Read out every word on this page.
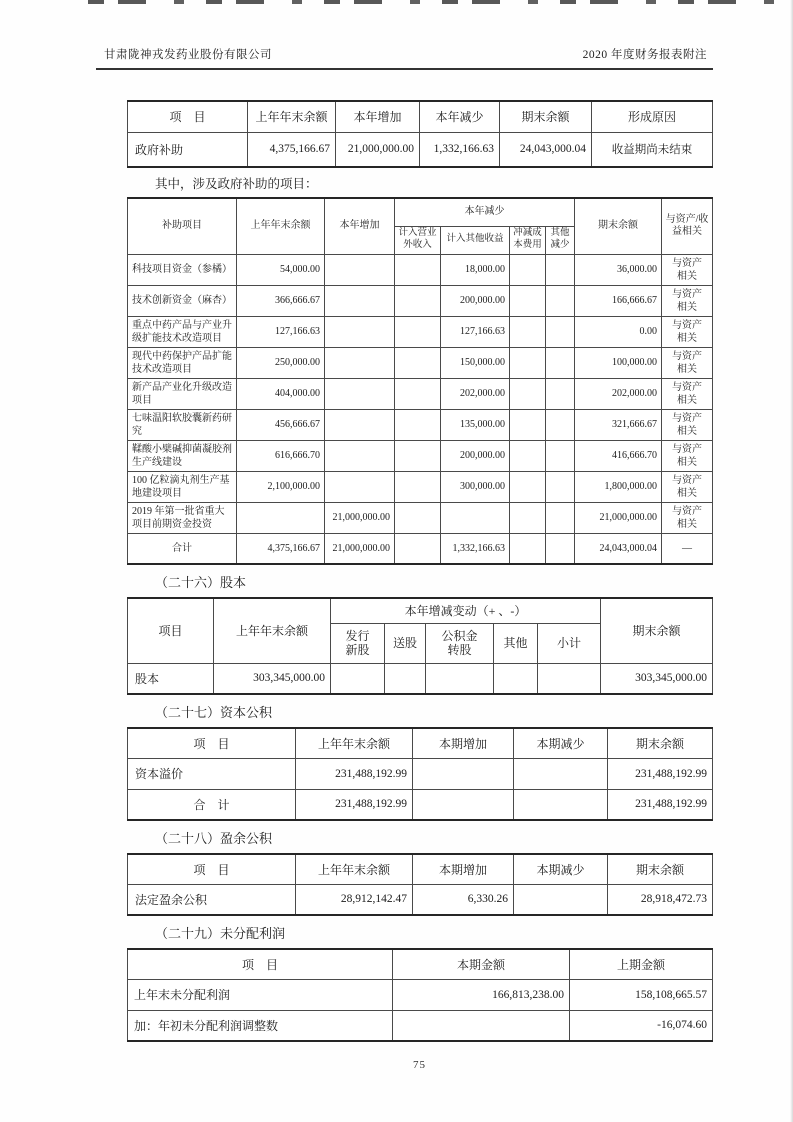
甘肃陇神戎发药业股份有限公司	2020 年度财务报表附注
项　目	上年年末余额	本年增加	本年减少	期末余额	形成原因
政府补助	4,375,166.67	21,000,000.00	1,332,166.63	24,043,000.04	收益期尚未结束
其中，涉及政府补助的项目：
补助项目	上年年末余额	本年增加	本年减少				期末余额	与资产/收益相关
			计入营业外收入	计入其他收益	冲减成本费用	其他减少		
科技项目资金（参橘）	54,000.00			18,000.00			36,000.00	与资产相关
技术创新资金（麻杏）	366,666.67			200,000.00			166,666.67	与资产相关
重点中药产品与产业升级扩能技术改造项目	127,166.63			127,166.63			0.00	与资产相关
现代中药保护产品扩能技术改造项目	250,000.00			150,000.00			100,000.00	与资产相关
新产品产业化升级改造项目	404,000.00			202,000.00			202,000.00	与资产相关
七味温阳软胶囊新药研究	456,666.67			135,000.00			321,666.67	与资产相关
鞣酸小檗碱抑菌凝胶剂生产线建设	616,666.70			200,000.00			416,666.70	与资产相关
100 亿粒滴丸剂生产基地建设项目	2,100,000.00			300,000.00			1,800,000.00	与资产相关
2019 年第一批省重大项目前期资金投资		21,000,000.00					21,000,000.00	与资产相关
合计	4,375,166.67	21,000,000.00		1,332,166.63			24,043,000.04	—
（二十六）股本
项目	上年年末余额	本年增减变动（+ 、-）					期末余额
		发行新股	送股	公积金转股	其他	小计	
股本	303,345,000.00						303,345,000.00
（二十七）资本公积
项　目	上年年末余额	本期增加	本期减少	期末余额
资本溢价	231,488,192.99			231,488,192.99
合　计	231,488,192.99			231,488,192.99
（二十八）盈余公积
项　目	上年年末余额	本期增加	本期减少	期末余额
法定盈余公积	28,912,142.47	6,330.26		28,918,472.73
（二十九）未分配利润
项　目	本期金额	上期金额
上年末未分配利润	166,813,238.00	158,108,665.57
加：年初未分配利润调整数		-16,074.60
75
